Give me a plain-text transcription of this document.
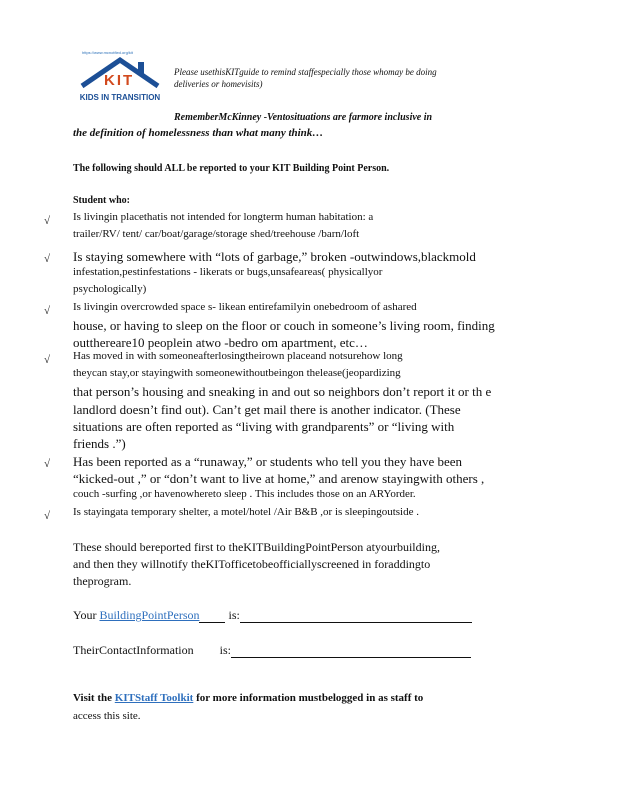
https://www.mcnotfied.org/kit
KIT
KIDS IN TRANSITION
Please usethisKITguide to remind staffespecially those whomay be doing
deliveries or homevisits)
RememberMcKinney -Ventosituations are farmore inclusive in
the definition of homelessness than what many think…
The following should ALL be reported to your KIT Building Point Person.
Student who:
√ Is livingin placethatis not intended for longterm human habitation: a
trailer/RV/ tent/ car/boat/garage/storage shed/treehouse /barn/loft
√ Is staying somewhere with “lots of garbage,” broken -outwindows,blackmold
infestation,pestinfestations - likerats or bugs,unsafeareas( physicallyor
psychologically)
√ Is livingin overcrowded space s- likean entirefamilyin onebedroom of ashared
house, or having to sleep on the floor or couch in someone’s living room, finding
outthereare10 peoplein atwo -bedro om apartment, etc…
√ Has moved in with someoneafterlosingtheirown placeand notsurehow long
theycan stay,or stayingwith someonewithoutbeingon thelease(jeopardizing
that person’s housing and sneaking in and out so neighbors don’t report it or th e
landlord doesn’t find out). Can’t get mail there is another indicator. (These
situations are often reported as “living with grandparents” or “living with
friends .”)
√ Has been reported as a “runaway,” or students who tell you they have been
“kicked-out ,” or “don’t want to live at home,” and arenow stayingwith others ,
couch -surfing ,or havenowhereto sleep . This includes those on an ARYorder.
√ Is stayingata temporary shelter, a motel/hotel /Air B&B ,or is sleepingoutside .
These should bereported first to theKITBuildingPointPerson atyourbuilding,
and then they willnotify theKITofficetobeofficiallyscreened in foraddingto
theprogram.
Your BuildingPointPerson is:
TheirContactInformation is:
Visit the KITStaff Toolkit for more information mustbelogged in as staff to
access this site.
